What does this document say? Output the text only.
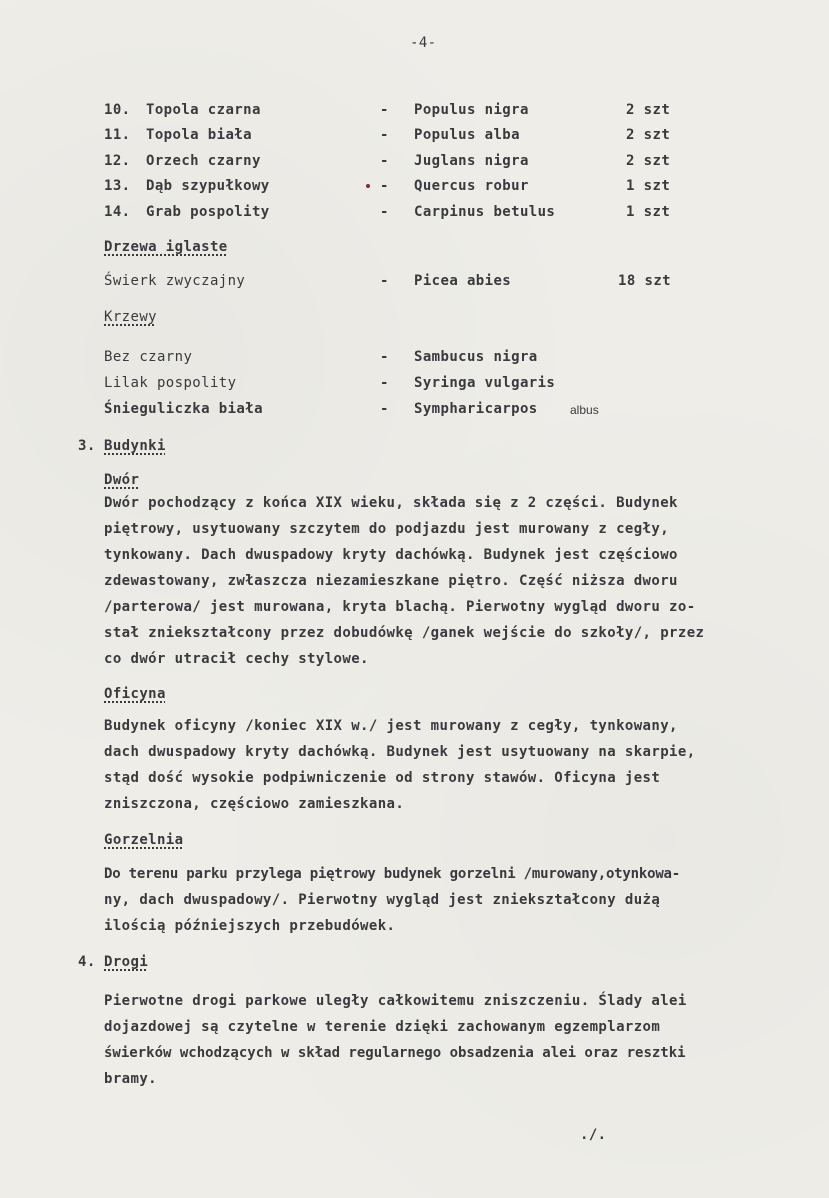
-4-
10. Topola czarna	- Populus nigra	2 szt
11. Topola biała	- Populus alba	2 szt
12. Orzech czarny	- Juglans nigra	2 szt
13. Dąb szypułkowy	- Quercus robur	1 szt
14. Grab pospolity	- Carpinus betulus	1 szt
Drzewa iglaste
Świerk zwyczajny	- Picea abies	18 szt
Krzewy
Bez czarny	- Sambucus nigra
Lilak pospolity	- Syringa vulgaris
Śnieguliczka biała	- Sympharicarpos	albus
3. Budynki
Dwór
Dwór pochodzący z końca XIX wieku, składa się z 2 części. Budynek
piętrowy, usytuowany szczytem do podjazdu jest murowany z cegły,
tynkowany. Dach dwuspadowy kryty dachówką. Budynek jest częściowo
zdewastowany, zwłaszcza niezamieszkane piętro. Część niższa dworu
/parterowa/ jest murowana, kryta blachą. Pierwotny wygląd dworu zo-
stał zniekształcony przez dobudówkę /ganek wejście do szkoły/, przez
co dwór utracił cechy stylowe.
Oficyna
Budynek oficyny /koniec XIX w./ jest murowany z cegły, tynkowany,
dach dwuspadowy kryty dachówką. Budynek jest usytuowany na skarpie,
stąd dość wysokie podpiwniczenie od strony stawów. Oficyna jest
zniszczona, częściowo zamieszkana.
Gorzelnia
Do terenu parku przylega piętrowy budynek gorzelni /murowany,otynkowa-
ny, dach dwuspadowy/. Pierwotny wygląd jest zniekształcony dużą
ilością późniejszych przebudówek.
4. Drogi
Pierwotne drogi parkowe uległy całkowitemu zniszczeniu. Ślady alei
dojazdowej są czytelne w terenie dzięki zachowanym egzemplarzom
świerków wchodzących w skład regularnego obsadzenia alei oraz resztki
bramy.
./.
